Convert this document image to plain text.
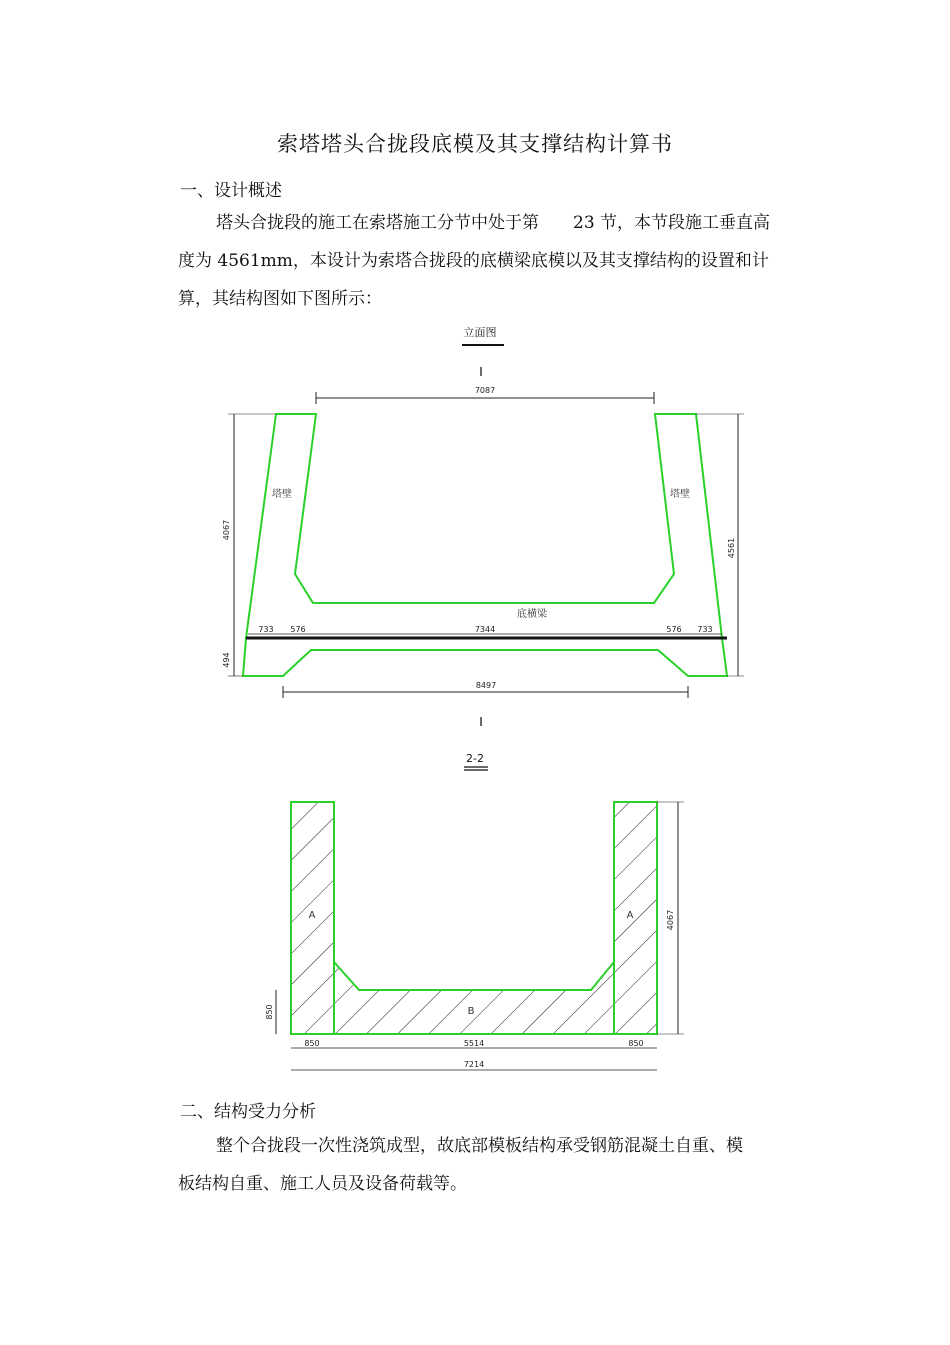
索塔塔头合拢段底模及其支撑结构计算书
一、设计概述
塔头合拢段的施工在索塔施工分节中处于第　　23 节，本节段施工垂直高
度为 4561mm，本设计为索塔合拢段的底横梁底模以及其支撑结构的设置和计
算，其结构图如下图所示：
立面图
I
7087
塔壁	塔壁
底横梁
4067
494
4561
733 576	7344	576 733
8497
I
2-2
A	A
B
4067
850
850	5514	850
7214
二、结构受力分析
整个合拢段一次性浇筑成型，故底部模板结构承受钢筋混凝土自重、模
板结构自重、施工人员及设备荷载等。
